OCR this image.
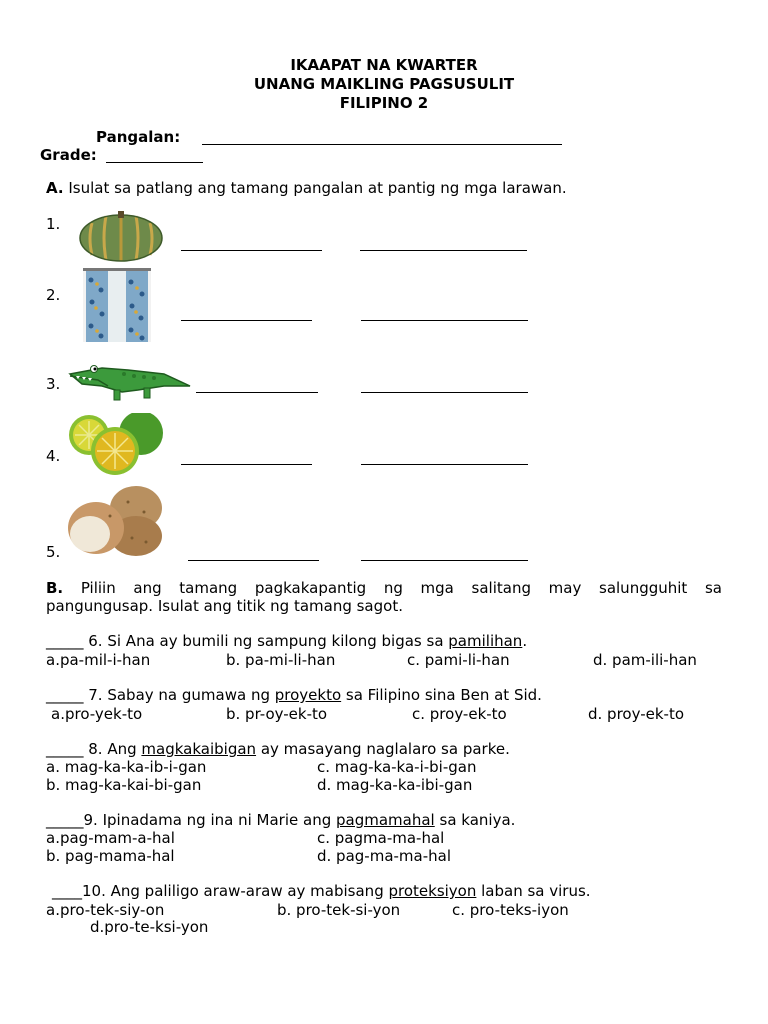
IKAAPAT NA KWARTER
UNANG MAIKLING PAGSUSULIT
FILIPINO 2
Pangalan:
Grade:
A. Isulat sa patlang ang tamang pangalan at pantig ng mga larawan.
1.
2.
3.
4.
5.
B. Piliin ang tamang pagkakapantig ng mga salitang may salungguhit sa
pangungusap. Isulat ang titik ng tamang sagot.
_____ 6. Si Ana ay bumili ng sampung kilong bigas sa pamilihan.
a.pa-mil-i-han	b. pa-mi-li-han	c. pami-li-han	d. pam-ili-han
_____ 7. Sabay na gumawa ng proyekto sa Filipino sina Ben at Sid.
a.pro-yek-to	b. pr-oy-ek-to	c. proy-ek-to	d. proy-ek-to
_____ 8. Ang magkakaibigan ay masayang naglalaro sa parke.
a. mag-ka-ka-ib-i-gan	c. mag-ka-ka-i-bi-gan
b. mag-ka-kai-bi-gan	d. mag-ka-ka-ibi-gan
_____9. Ipinadama ng ina ni Marie ang pagmamahal sa kaniya.
a.pag-mam-a-hal	c. pagma-ma-hal
b. pag-mama-hal	d. pag-ma-ma-hal
____10. Ang paliligo araw-araw ay mabisang proteksiyon laban sa virus.
a.pro-tek-siy-on	b. pro-tek-si-yon	c. pro-teks-iyon
d.pro-te-ksi-yon
